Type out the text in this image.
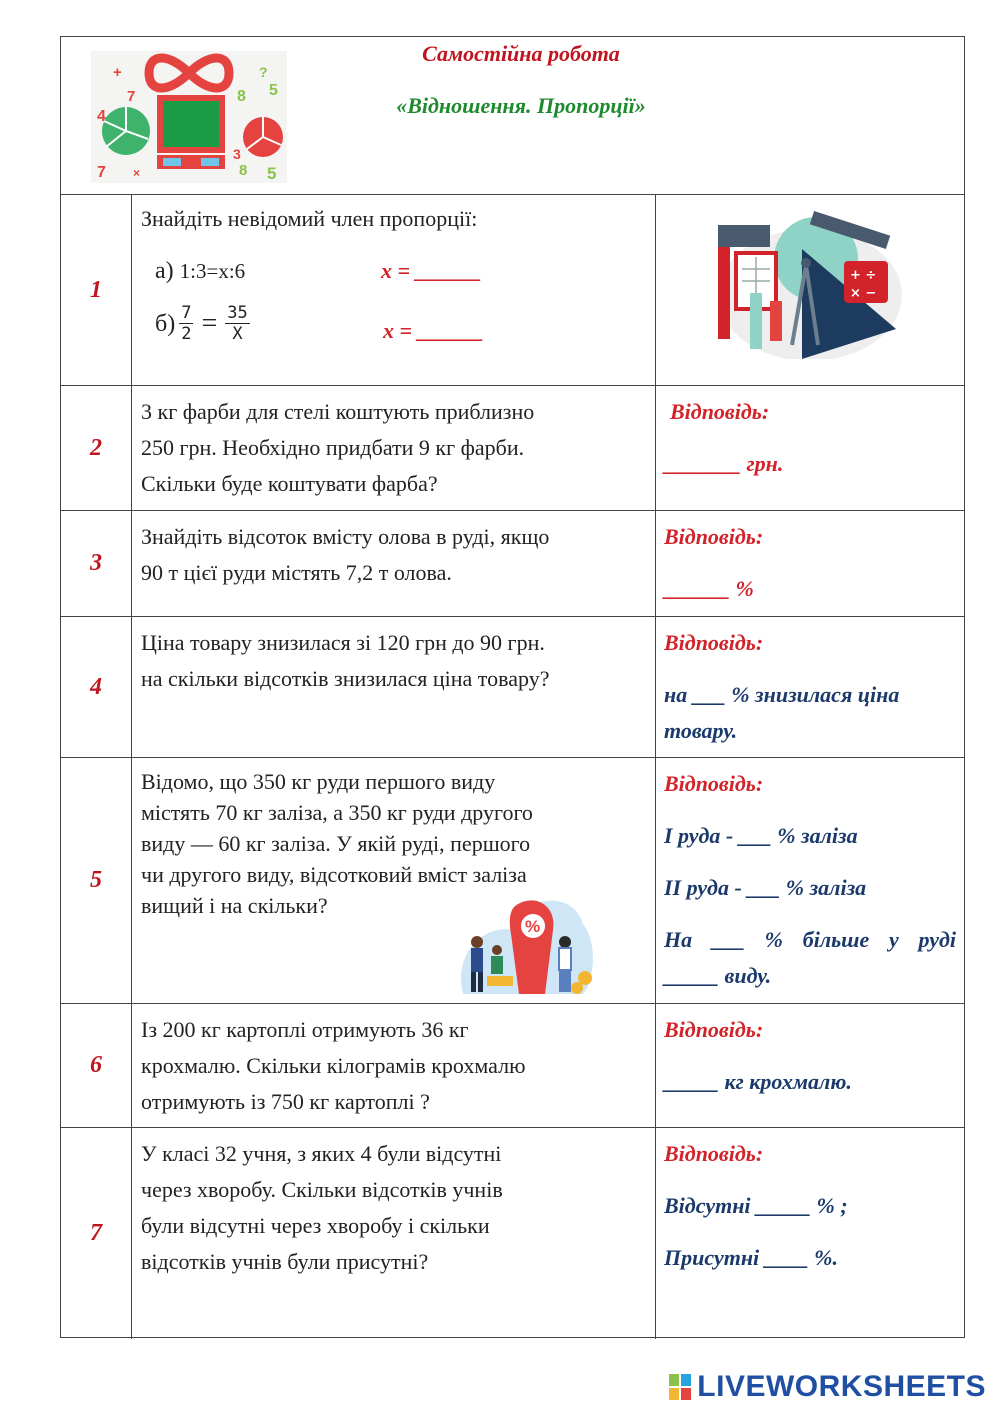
4
+
7
7 ×
?
5
8
8 5
3
Самостійна робота
«Відношення. Пропорції»
1
Знайдіть невідомий член пропорції:
а) 1:3=x:6	x = ______
$б) \frac{7}{2} = \frac{35}{X}$	x = ______
+ ÷
× −
2
3 кг фарби для стелі коштують приблизно
250 грн. Необхідно придбати 9 кг фарби.
Скільки буде коштувати фарба?
Відповідь:
_______ грн.
3
Знайдіть відсоток вмісту олова в руді, якщо
90 т цієї руди містять 7,2 т олова.
Відповідь:
______ %
4
Ціна товару знизилася зі 120 грн до 90 грн.
на скільки відсотків знизилася ціна товару?
Відповідь:
на ___ % знизилася ціна
товару.
5
Відомо, що 350 кг руди першого виду
містять 70 кг заліза, а 350 кг руди другого
виду — 60 кг заліза. У якій руді, першого
чи другого виду, відсотковий вміст заліза
вищий і на скільки?
%
Відповідь:
I руда - ___ % заліза
II руда - ___ % заліза
На ___ % більше у руді
_____ виду.
6
Із 200 кг картоплі отримують 36 кг
крохмалю. Скільки кілограмів крохмалю
отримують із 750 кг картоплі ?
Відповідь:
_____ кг крохмалю.
7
У класі 32 учня, з яких 4 були відсутні
через хворобу. Скільки відсотків учнів
були відсутні через хворобу і скільки
відсотків учнів були присутні?
Відповідь:
Відсутні _____ % ;
Присутні ____ %.
LIVEWORKSHEETS
